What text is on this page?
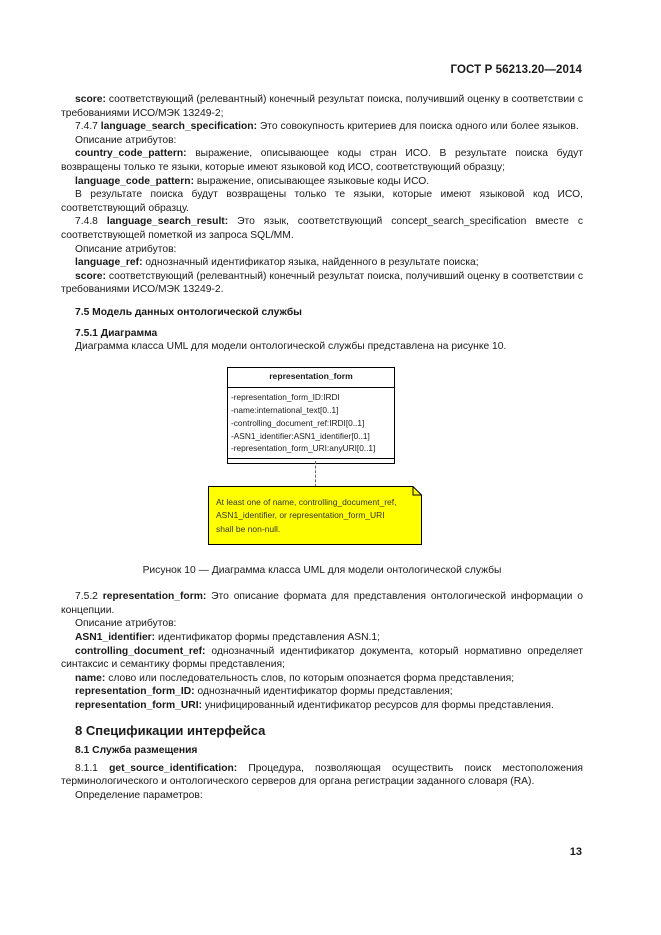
ГОСТ Р 56213.20—2014

score: соответствующий (релевантный) конечный результат поиска, получивший оценку в соответствии с требованиями ИСО/МЭК 13249-2;

7.4.7 language_search_specification: Это совокупность критериев для поиска одного или более языков.

Описание атрибутов:

country_code_pattern: выражение, описывающее коды стран ИСО. В результате поиска будут возвращены только те языки, которые имеют языковой код ИСО, соответствующий образцу;

language_code_pattern: выражение, описывающее языковые коды ИСО.

В результате поиска будут возвращены только те языки, которые имеют языковой код ИСО, соответствующий образцу.

7.4.8 language_search_result: Это язык, соответствующий concept_search_specification вместе с соответствующей пометкой из запроса SQL/MM.

Описание атрибутов:

language_ref: однозначный идентификатор языка, найденного в результате поиска;

score: соответствующий (релевантный) конечный результат поиска, получивший оценку в соответствии с требованиями ИСО/МЭК 13249-2.

7.5 Модель данных онтологической службы
7.5.1 Диаграмма

Диаграмма класса UML для модели онтологической службы представлена на рисунке 10.

representation_form
-representation_form_ID:IRDI
-name:international_text[0..1]
-controlling_document_ref:IRDI[0..1]
-ASN1_identifier:ASN1_identifier[0..1]
-representation_form_URI:anyURI[0..1]
At least one of name, controlling_document_ref,
ASN1_identifier, or representation_form_URI
shall be non-null.
Рисунок 10 — Диаграмма класса UML для модели онтологической службы

7.5.2 representation_form: Это описание формата для представления онтологической информации о концепции.

Описание атрибутов:

ASN1_identifier: идентификатор формы представления ASN.1;

controlling_document_ref: однозначный идентификатор документа, который нормативно определяет синтаксис и семантику формы представления;

name: слово или последовательность слов, по которым опознается форма представления;

representation_form_ID: однозначный идентификатор формы представления;

representation_form_URI: унифицированный идентификатор ресурсов для формы представления.

8 Спецификации интерфейса
8.1 Служба размещения

8.1.1 get_source_identification: Процедура, позволяющая осуществить поиск местоположения терминологического и онтологического серверов для органа регистрации заданного словаря (RA).

Определение параметров:

13
